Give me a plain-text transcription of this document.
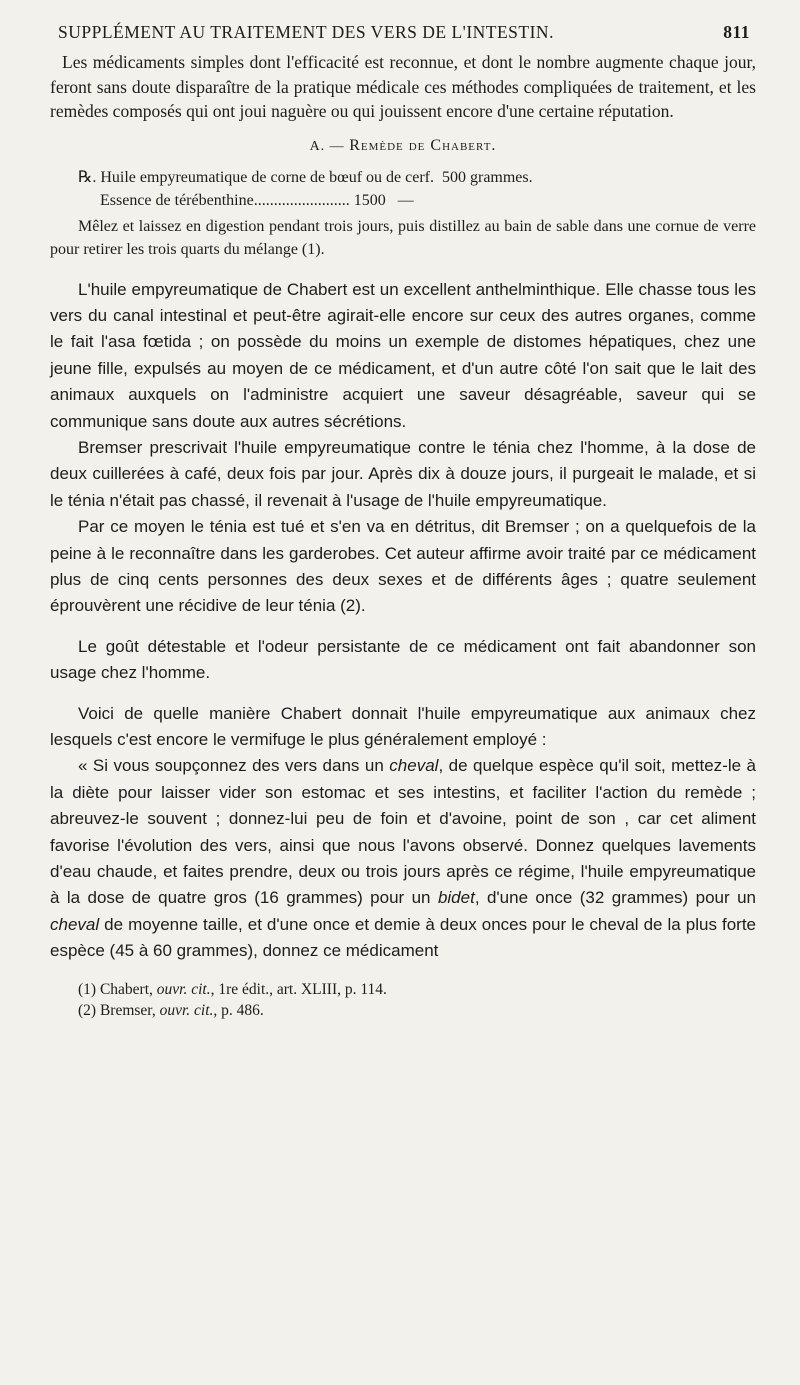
SUPPLÉMENT AU TRAITEMENT DES VERS DE L'INTESTIN.	811

Les médicaments simples dont l'efficacité est reconnue, et dont le nombre augmente chaque jour, feront sans doute disparaître de la pratique médicale ces méthodes compliquées de traitement, et les remèdes composés qui ont joui naguère ou qui jouissent encore d'une certaine réputation.

A. — Remède de Chabert.
℞. Huile empyreumatique de corne de bœuf ou de cerf. 500 grammes.
Essence de térébenthine........................ 1500 —

Mêlez et laissez en digestion pendant trois jours, puis distillez au bain de sable dans une cornue de verre pour retirer les trois quarts du mélange (1).

L'huile empyreumatique de Chabert est un excellent anthelminthique. Elle chasse tous les vers du canal intestinal et peut-être agirait-elle encore sur ceux des autres organes, comme le fait l'asa fœtida ; on possède du moins un exemple de distomes hépatiques, chez une jeune fille, expulsés au moyen de ce médicament, et d'un autre côté l'on sait que le lait des animaux auxquels on l'administre acquiert une saveur désagréable, saveur qui se communique sans doute aux autres sécrétions.

Bremser prescrivait l'huile empyreumatique contre le ténia chez l'homme, à la dose de deux cuillerées à café, deux fois par jour. Après dix à douze jours, il purgeait le malade, et si le ténia n'était pas chassé, il revenait à l'usage de l'huile empyreumatique.

Par ce moyen le ténia est tué et s'en va en détritus, dit Bremser ; on a quelquefois de la peine à le reconnaître dans les garderobes. Cet auteur affirme avoir traité par ce médicament plus de cinq cents personnes des deux sexes et de différents âges ; quatre seulement éprouvèrent une récidive de leur ténia (2).

Le goût détestable et l'odeur persistante de ce médicament ont fait abandonner son usage chez l'homme.

Voici de quelle manière Chabert donnait l'huile empyreumatique aux animaux chez lesquels c'est encore le vermifuge le plus généralement employé :

« Si vous soupçonnez des vers dans un cheval, de quelque espèce qu'il soit, mettez-le à la diète pour laisser vider son estomac et ses intestins, et faciliter l'action du remède ; abreuvez-le souvent ; donnez-lui peu de foin et d'avoine, point de son , car cet aliment favorise l'évolution des vers, ainsi que nous l'avons observé. Donnez quelques lavements d'eau chaude, et faites prendre, deux ou trois jours après ce régime, l'huile empyreumatique à la dose de quatre gros (16 grammes) pour un bidet, d'une once (32 grammes) pour un cheval de moyenne taille, et d'une once et demie à deux onces pour le cheval de la plus forte espèce (45 à 60 grammes), donnez ce médicament

(1) Chabert, ouvr. cit., 1re édit., art. XLIII, p. 114.
(2) Bremser, ouvr. cit., p. 486.
